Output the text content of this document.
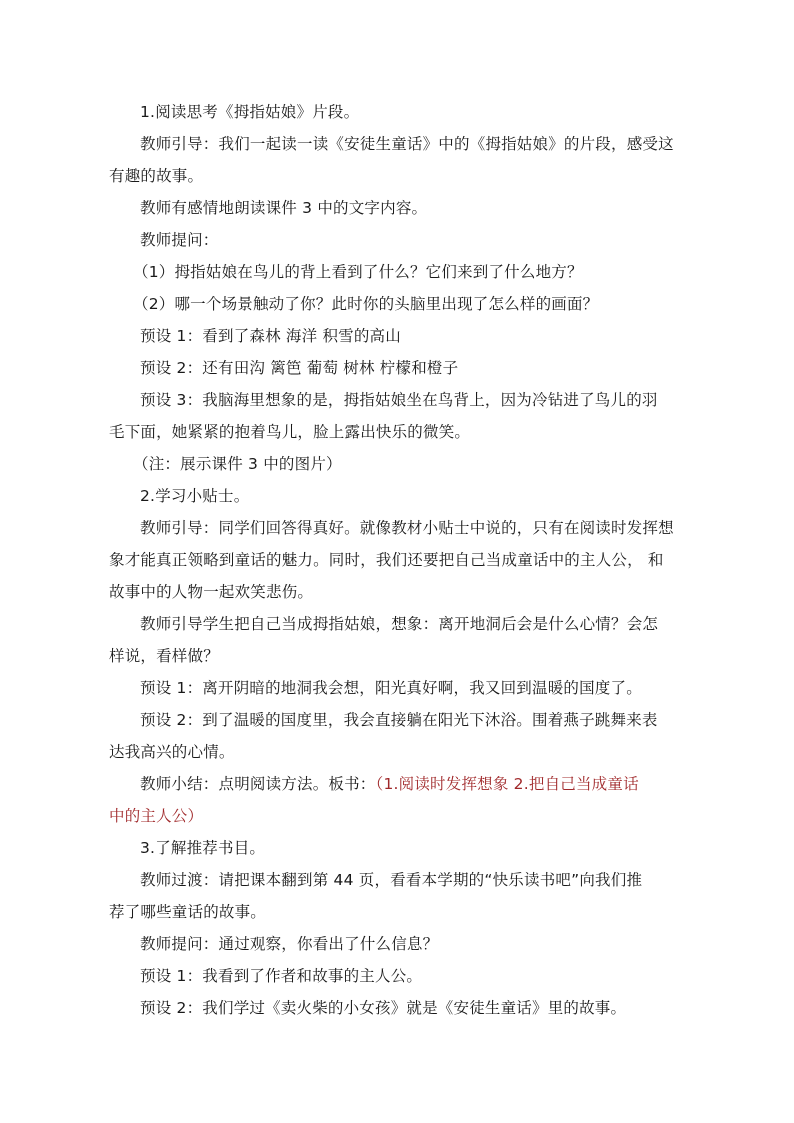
1.阅读思考《拇指姑娘》片段。

教师引导：我们一起读一读《安徒生童话》中的《拇指姑娘》的片段，感受这
有趣的故事。

教师有感情地朗读课件 3 中的文字内容。

教师提问：

（1）拇指姑娘在鸟儿的背上看到了什么？它们来到了什么地方？

（2）哪一个场景触动了你？此时你的头脑里出现了怎么样的画面？

预设 1：看到了森林 海洋 积雪的高山

预设 2：还有田沟 篱笆 葡萄 树林 柠檬和橙子

预设 3：我脑海里想象的是，拇指姑娘坐在鸟背上，因为冷钻进了鸟儿的羽
毛下面，她紧紧的抱着鸟儿，脸上露出快乐的微笑。

（注：展示课件 3 中的图片）

2.学习小贴士。

教师引导：同学们回答得真好。就像教材小贴士中说的，只有在阅读时发挥想
象才能真正领略到童话的魅力。同时，我们还要把自己当成童话中的主人公， 和
故事中的人物一起欢笑悲伤。

教师引导学生把自己当成拇指姑娘，想象：离开地洞后会是什么心情？会怎
样说，看样做？

预设 1：离开阴暗的地洞我会想，阳光真好啊，我又回到温暖的国度了。

预设 2：到了温暖的国度里，我会直接躺在阳光下沐浴。围着燕子跳舞来表
达我高兴的心情。

教师小结：点明阅读方法。板书：（1.阅读时发挥想象 2.把自己当成童话
中的主人公）

3.了解推荐书目。

教师过渡：请把课本翻到第 44 页，看看本学期的“快乐读书吧”向我们推
荐了哪些童话的故事。

教师提问：通过观察，你看出了什么信息？

预设 1：我看到了作者和故事的主人公。

预设 2：我们学过《卖火柴的小女孩》就是《安徒生童话》里的故事。
